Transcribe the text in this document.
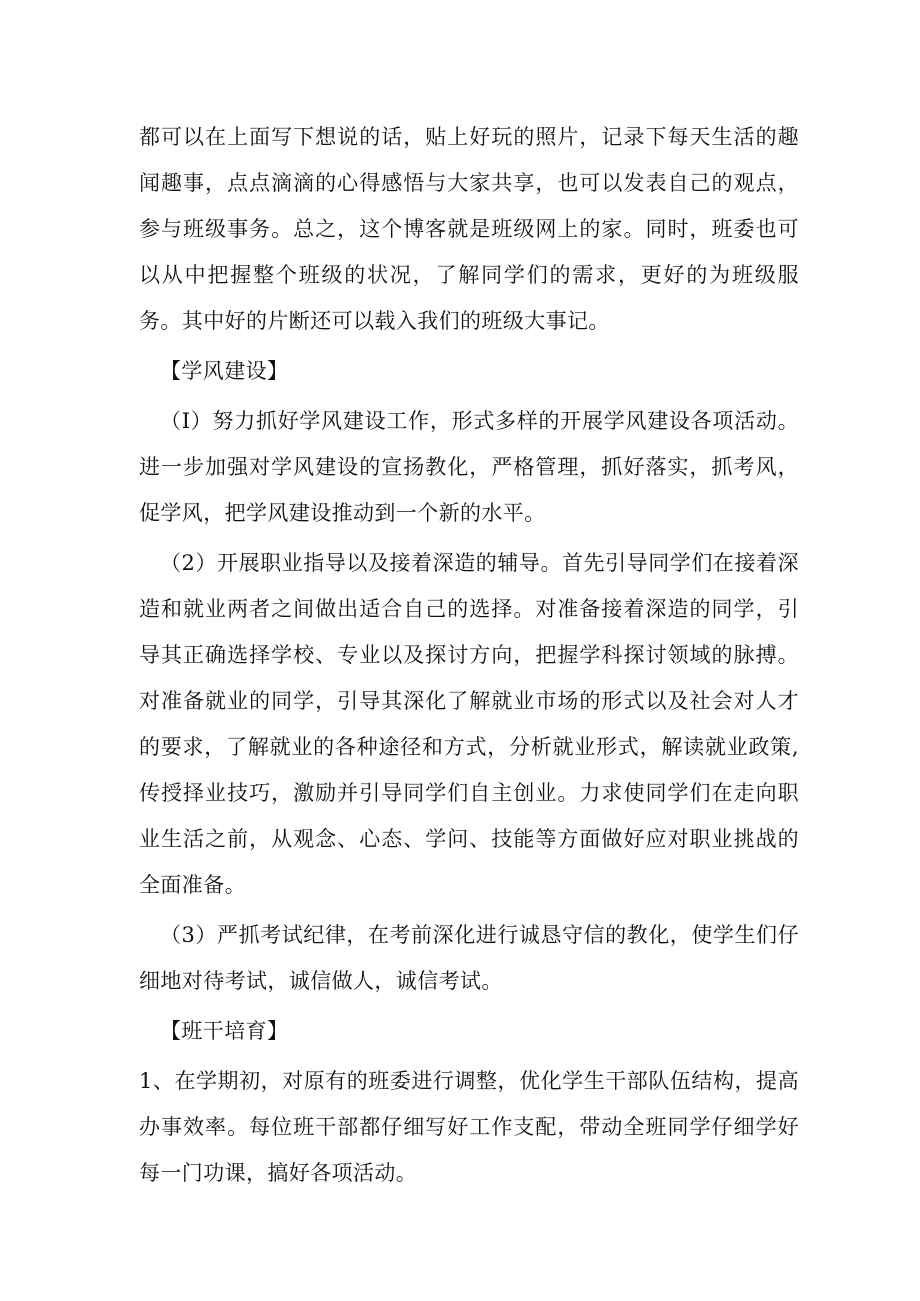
都可以在上面写下想说的话，贴上好玩的照片，记录下每天生活的趣闻趣事，点点滴滴的心得感悟与大家共享，也可以发表自己的观点，参与班级事务。总之，这个博客就是班级网上的家。同时，班委也可以从中把握整个班级的状况，了解同学们的需求，更好的为班级服务。其中好的片断还可以载入我们的班级大事记。

【学风建设】

（I）努力抓好学风建设工作，形式多样的开展学风建设各项活动。进一步加强对学风建设的宣扬教化，严格管理，抓好落实，抓考风，促学风，把学风建设推动到一个新的水平。

（2）开展职业指导以及接着深造的辅导。首先引导同学们在接着深造和就业两者之间做出适合自己的选择。对准备接着深造的同学，引导其正确选择学校、专业以及探讨方向，把握学科探讨领域的脉搏。对准备就业的同学，引导其深化了解就业市场的形式以及社会对人才的要求，了解就业的各种途径和方式，分析就业形式，解读就业政策,传授择业技巧，激励并引导同学们自主创业。力求使同学们在走向职业生活之前，从观念、心态、学问、技能等方面做好应对职业挑战的全面准备。

（3）严抓考试纪律，在考前深化进行诚恳守信的教化，使学生们仔细地对待考试，诚信做人，诚信考试。

【班干培育】

1、在学期初，对原有的班委进行调整，优化学生干部队伍结构，提高办事效率。每位班干部都仔细写好工作支配，带动全班同学仔细学好每一门功课，搞好各项活动。
